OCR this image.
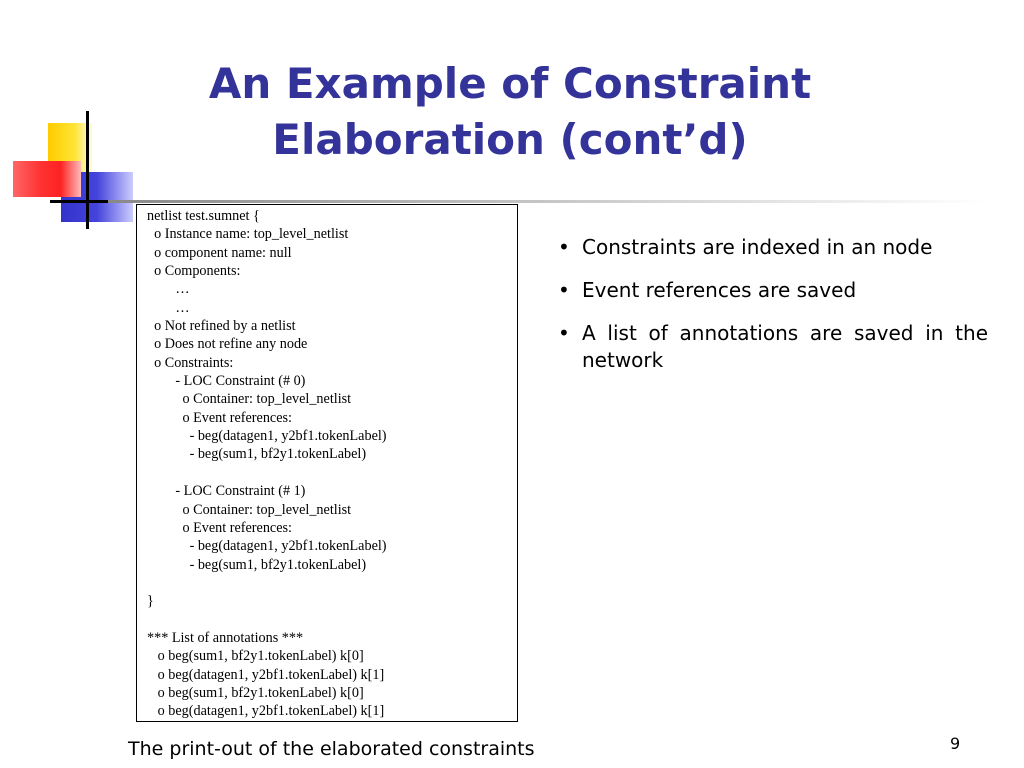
An Example of Constraint
Elaboration (cont’d)
netlist test.sumnet {
o Instance name: top_level_netlist
o component name: null
o Components:
…
…
o Not refined by a netlist
o Does not refine any node
o Constraints:
- LOC Constraint (# 0)
o Container: top_level_netlist
o Event references:
- beg(datagen1, y2bf1.tokenLabel)
- beg(sum1, bf2y1.tokenLabel)
- LOC Constraint (# 1)
o Container: top_level_netlist
o Event references:
- beg(datagen1, y2bf1.tokenLabel)
- beg(sum1, bf2y1.tokenLabel)
}
*** List of annotations ***
o beg(sum1, bf2y1.tokenLabel) k[0]
o beg(datagen1, y2bf1.tokenLabel) k[1]
o beg(sum1, bf2y1.tokenLabel) k[0]
o beg(datagen1, y2bf1.tokenLabel) k[1]
• Constraints are indexed in an node
• Event references are saved
• A list of annotations are saved in the network
The print-out of the elaborated constraints	9
